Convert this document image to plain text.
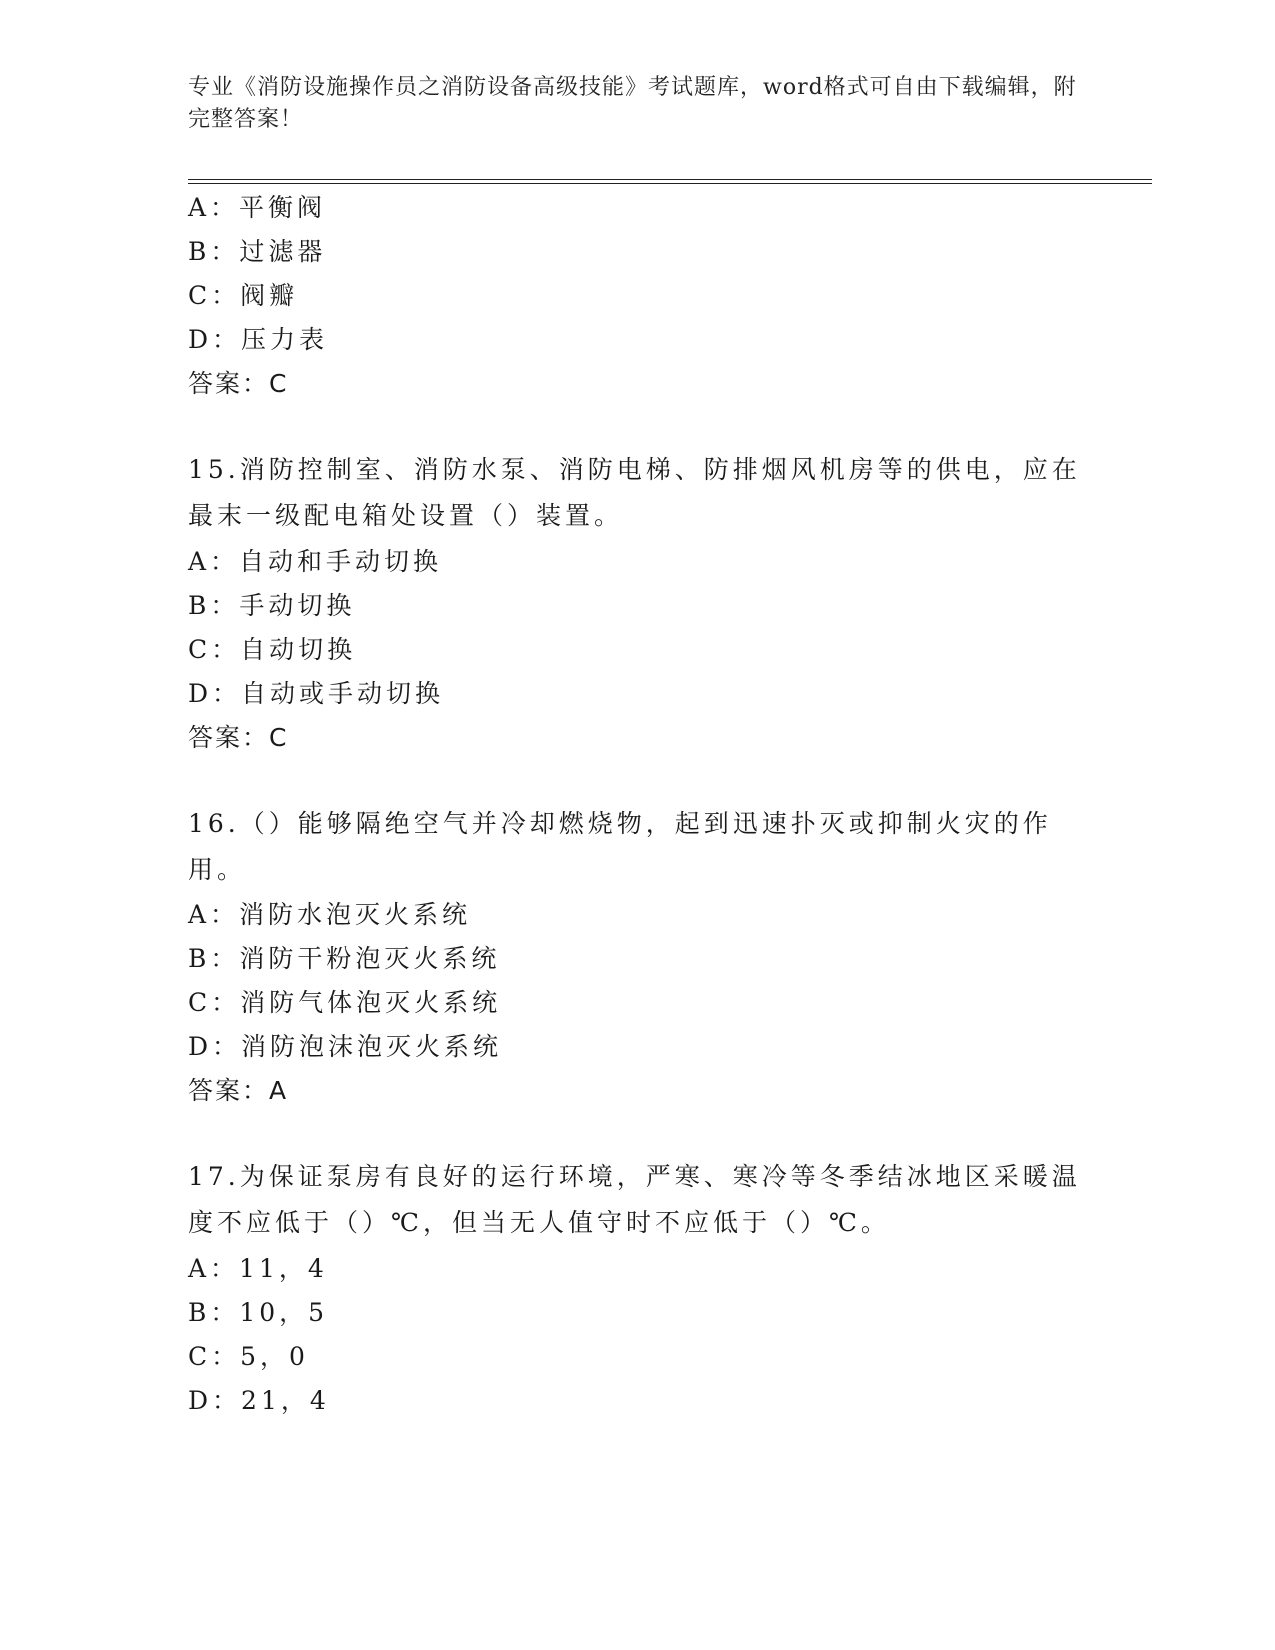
专业《消防设施操作员之消防设备高级技能》考试题库，word格式可自由下载编辑，附完整答案！
A：平衡阀
B：过滤器
C：阀瓣
D：压力表
答案：C
15.消防控制室、消防水泵、消防电梯、防排烟风机房等的供电，应在最末一级配电箱处设置（）装置。
A：自动和手动切换
B：手动切换
C：自动切换
D：自动或手动切换
答案：C
16.（）能够隔绝空气并冷却燃烧物，起到迅速扑灭或抑制火灾的作用。
A：消防水泡灭火系统
B：消防干粉泡灭火系统
C：消防气体泡灭火系统
D：消防泡沫泡灭火系统
答案：A
17.为保证泵房有良好的运行环境，严寒、寒冷等冬季结冰地区采暖温度不应低于（）℃，但当无人值守时不应低于（）℃。
A：11，4
B：10，5
C：5，0
D：21，4
